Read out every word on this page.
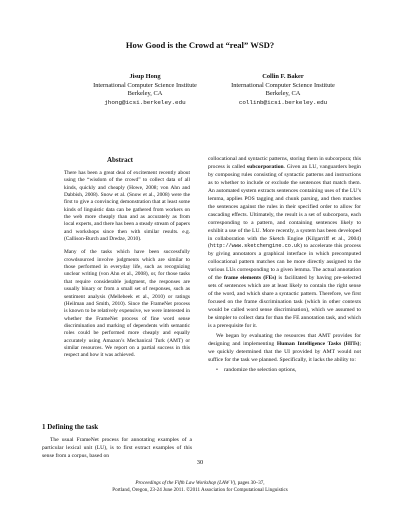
How Good is the Crowd at “real” WSD?
Jisup Hong
International Computer Science Institute
Berkeley, CA
jhong@icsi.berkeley.edu
Collin F. Baker
International Computer Science Institute
Berkeley, CA
collinb@icsi.berkeley.edu
Abstract

There has been a great deal of excitement recently about using the “wisdom of the crowd” to collect data of all kinds, quickly and cheaply (Howe, 2008; von Ahn and Dabbish, 2008). Snow et al. (Snow et al., 2008) were the first to give a convincing demonstration that at least some kinds of linguistic data can be gathered from workers on the web more cheaply than and as accurately as from local experts, and there has been a steady stream of papers and workshops since then with similar results. e.g. (Callison-Burch and Dredze, 2010).

Many of the tasks which have been successfully crowdsourced involve judgments which are similar to those performed in everyday life, such as recognizing unclear writing (von Ahn et al., 2008), or, for those tasks that require considerable judgment, the responses are usually binary or from a small set of responses, such as sentiment analysis (Mellebeek et al., 2010) or ratings (Heilman and Smith, 2010). Since the FrameNet process is known to be relatively expensive, we were interested in whether the FrameNet process of fine word sense discrimination and marking of dependents with semantic roles could be performed more cheaply and equally accurately using Amazon’s Mechanical Turk (AMT) or similar resources. We report on a partial success in this respect and how it was achieved.

1 Defining the task

The usual FrameNet process for annotating examples of a particular lexical unit (LU), is to first extract examples of this sense from a corpus, based on

collocational and syntactic patterns, storing them in subcorpora; this process is called subcorporation. Given an LU, vanguarders begin by composing rules consisting of syntactic patterns and instructions as to whether to include or exclude the sentences that match them. An automated system extracts sentences containing uses of the LU’s lemma, applies POS tagging and chunk parsing, and then matches the sentences against the rules in their specified order to allow for cascading effects. Ultimately, the result is a set of subcorpora, each corresponding to a pattern, and containing sentences likely to exhibit a use of the LU. More recently, a system has been developed in collaboration with the Sketch Engine (Kilgarriff et al., 2004) (http://www.sketchengine.co.uk) to accelerate this process by giving annotators a graphical interface in which precomputed collocational pattern matches can be more directly assigned to the various LUs corresponding to a given lemma. The actual annotation of the frame elements (FEs) is facilitated by having pre-selected sets of sentences which are at least likely to contain the right sense of the word, and which share a syntactic pattern. Therefore, we first focused on the frame discrimination task (which in other contexts would be called word sense discrimination), which we assumed to be simpler to collect data for than the FE annotation task, and which is a prerequisite for it.

We began by evaluating the resources that AMT provides for designing and implementing Human Intelligence Tasks (HITs); we quickly determined that the UI provided by AMT would not suffice for the task we planned. Specifically, it lacks the ability to:

• randomize the selection options,
30
Proceedings of the Fifth Law Workshop (LAW V), pages 30–37,
Portland, Oregon, 23-24 June 2011. ©2011 Association for Computational Linguistics
